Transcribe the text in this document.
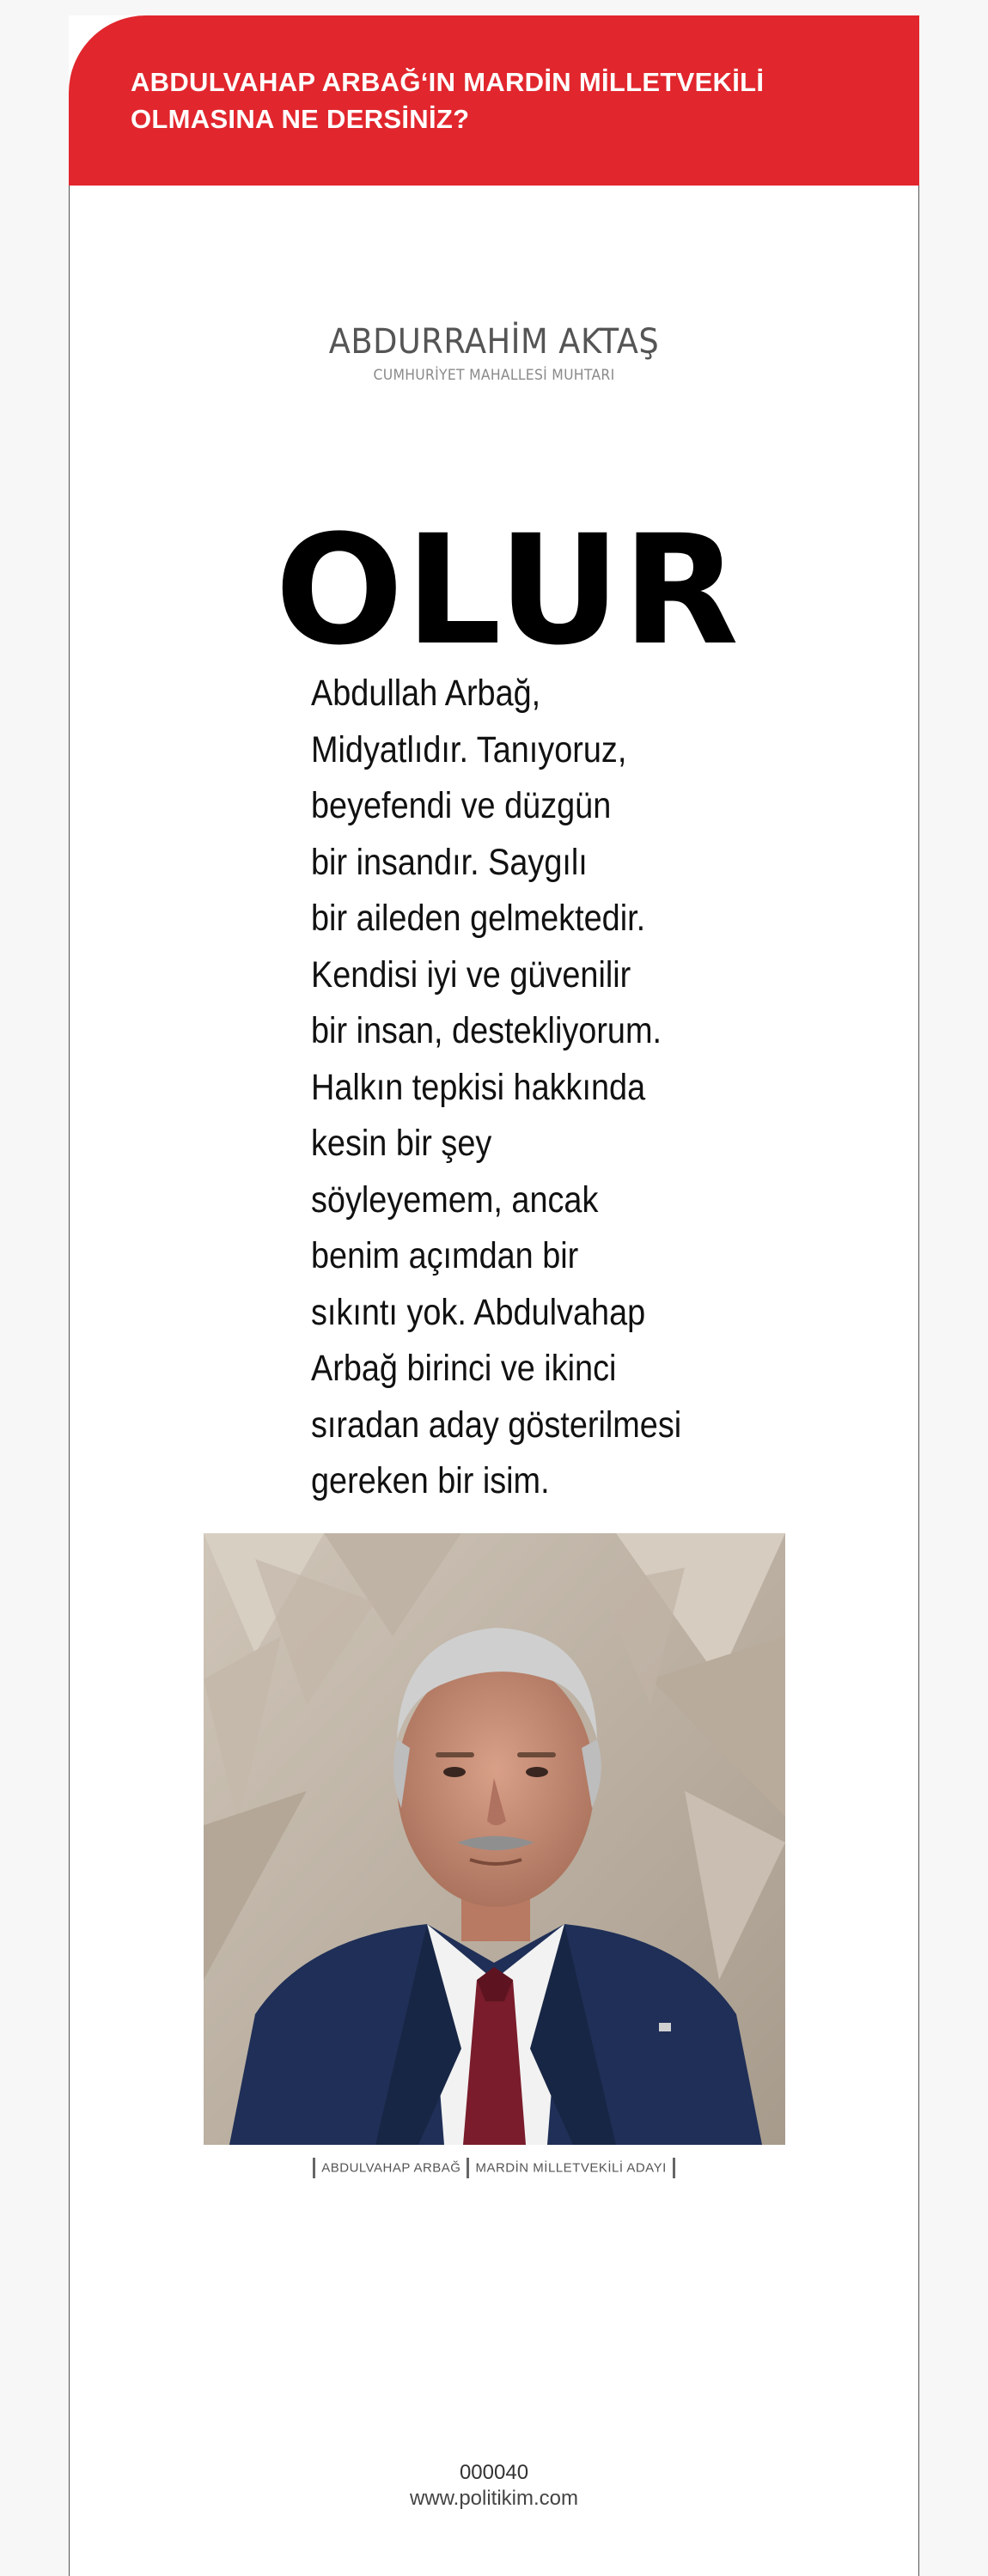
ABDULVAHAP ARBAĞ‘IN MARDİN MİLLETVEKİLİ
OLMASINA NE DERSİNİZ?
ABDURRAHİM AKTAŞ
CUMHURİYET MAHALLESİ MUHTARI
OLUR
Abdullah Arbağ,
Midyatlıdır. Tanıyoruz,
beyefendi ve düzgün
bir insandır. Saygılı
bir aileden gelmektedir.
Kendisi iyi ve güvenilir
bir insan, destekliyorum.
Halkın tepkisi hakkında
kesin bir şey
söyleyemem, ancak
benim açımdan bir
sıkıntı yok. Abdulvahap
Arbağ birinci ve ikinci
sıradan aday gösterilmesi
gereken bir isim.
ABDULVAHAP ARBAĞ MARDİN MİLLETVEKİLİ ADAYI
000040
www.politikim.com
